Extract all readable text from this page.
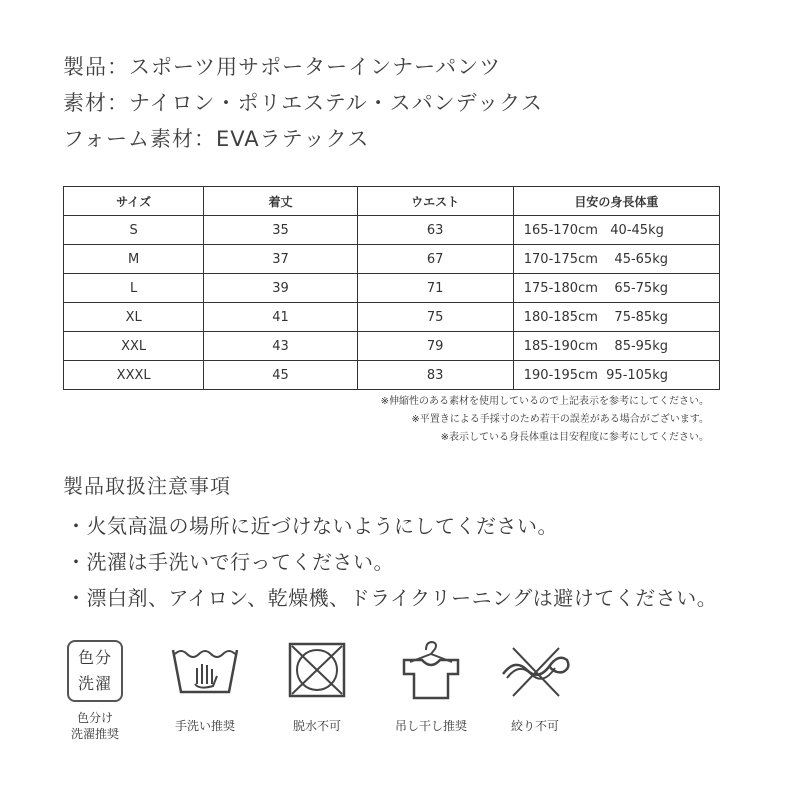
製品：スポーツ用サポーターインナーパンツ
素材：ナイロン・ポリエステル・スパンデックス
フォーム素材：EVAラテックス
サイズ	着丈	ウエスト	目安の身長体重
S	35	63	165-170cm   40-45kg
M	37	67	170-175cm    45-65kg
L	39	71	175-180cm    65-75kg
XL	41	75	180-185cm    75-85kg
XXL	43	79	185-190cm    85-95kg
XXXL	45	83	190-195cm  95-105kg
※伸縮性のある素材を使用しているので上記表示を参考にしてください。
※平置きによる手採寸のため若干の誤差がある場合がございます。
※表示している身長体重は目安程度に参考にしてください。
製品取扱注意事項
・火気高温の場所に近づけないようにしてください。
・洗濯は手洗いで行ってください。
・漂白剤、アイロン、乾燥機、ドライクリーニングは避けてください。
色分
洗濯
色分け
洗濯推奨
手洗い推奨	脱水不可	吊し干し推奨	絞り不可
